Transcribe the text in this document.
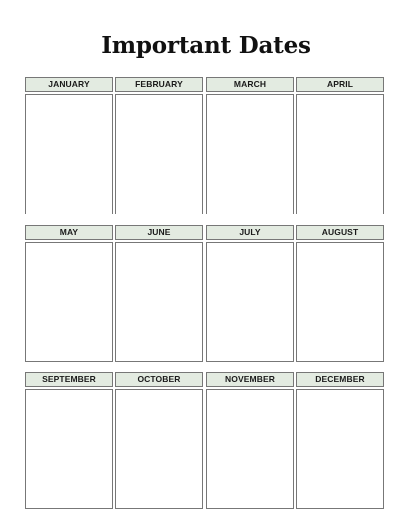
Important Dates
JANUARY	FEBRUARY	MARCH	APRIL
MAY	JUNE	JULY	AUGUST
SEPTEMBER	OCTOBER	NOVEMBER	DECEMBER
